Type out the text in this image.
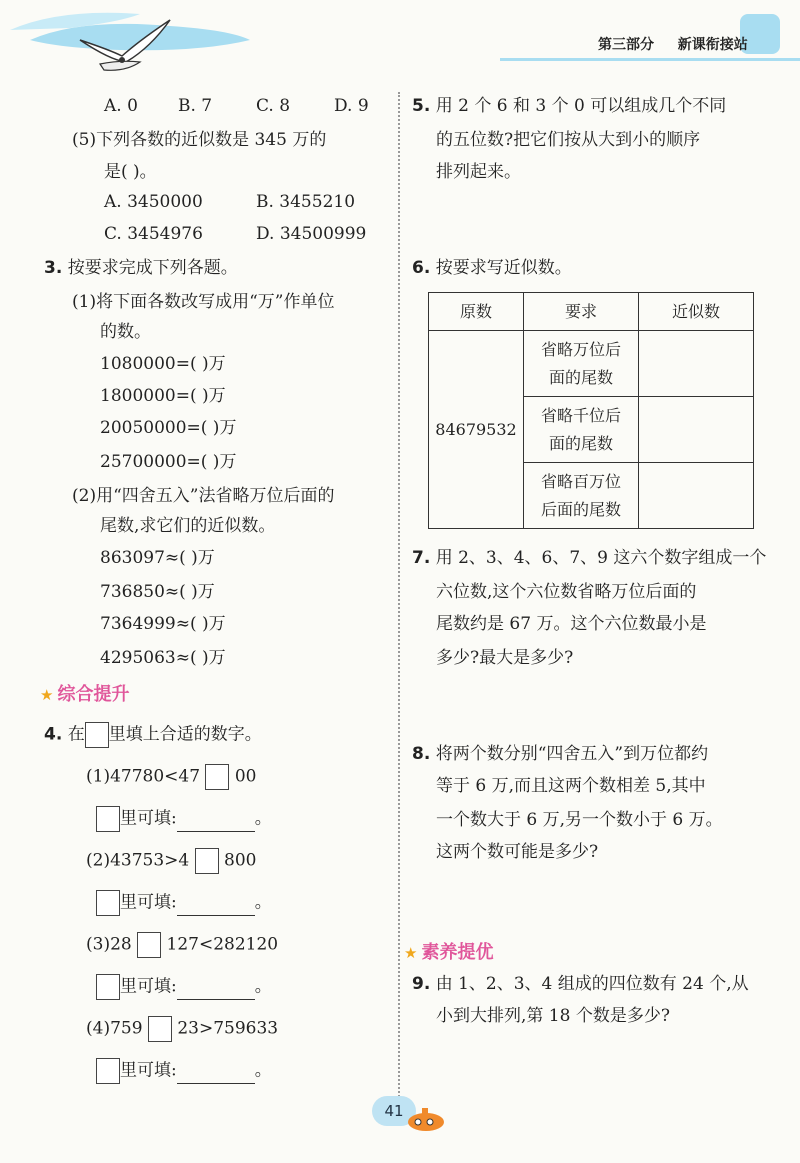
第三部分 新课衔接站
A. 0 B. 7	C. 8	D. 9
(5)下列各数的近似数是 345 万的
是( )。
A. 3450000	B. 3455210
C. 3454976	D. 34500999
3. 按要求完成下列各题。
(1)将下面各数改写成用“万”作单位
的数。
1080000=( )万
1800000=( )万
20050000=( )万
25700000=( )万
(2)用“四舍五入”法省略万位后面的
尾数,求它们的近似数。
863097≈( )万
736850≈( )万
7364999≈( )万
4295063≈( )万
★ 综合提升
4. 在 里填上合适的数字。
(1)47780<47 00
里可填:	。
(2)43753>4 800
里可填:	。
(3)28 127<282120
里可填:	。
(4)759 23>759633
里可填:	。
5. 用 2 个 6 和 3 个 0 可以组成几个不同
的五位数?把它们按从大到小的顺序
排列起来。
6. 按要求写近似数。
原数	要求	近似数
84679532	省略万位后
面的尾数	
	省略千位后
面的尾数	
	省略百万位
后面的尾数	
7. 用 2、3、4、6、7、9 这六个数字组成一个
六位数,这个六位数省略万位后面的
尾数约是 67 万。这个六位数最小是
多少?最大是多少?
8. 将两个数分别“四舍五入”到万位都约
等于 6 万,而且这两个数相差 5,其中
一个数大于 6 万,另一个数小于 6 万。
这两个数可能是多少?
★ 素养提优
9. 由 1、2、3、4 组成的四位数有 24 个,从
小到大排列,第 18 个数是多少?
41
